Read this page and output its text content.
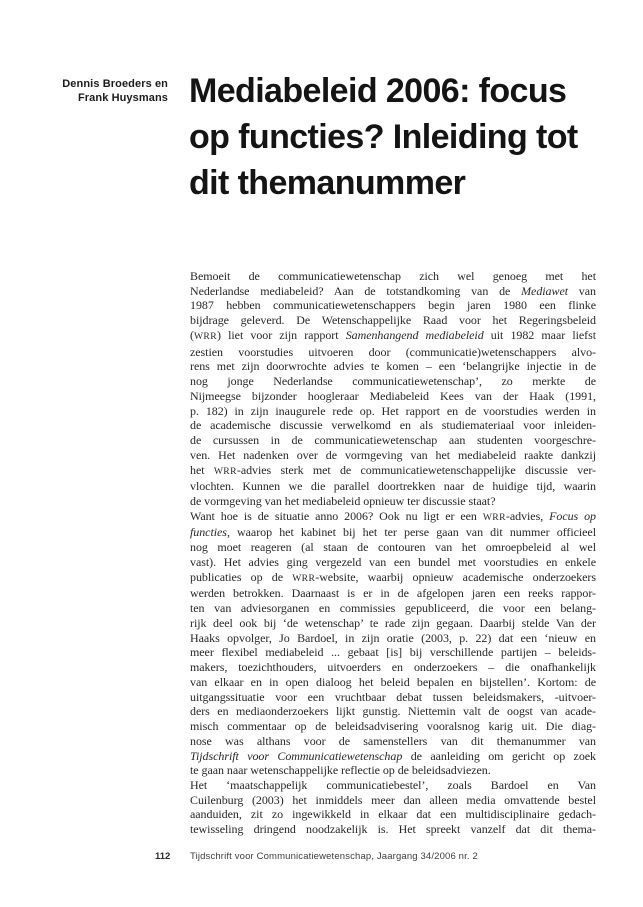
Dennis Broeders en
Frank Huysmans Mediabeleid 2006: focus
op functies? Inleiding tot
dit themanummer
Bemoeit de communicatiewetenschap zich wel genoeg met het
Nederlandse mediabeleid? Aan de totstandkoming van de Mediawet van
1987 hebben communicatiewetenschappers begin jaren 1980 een flinke
bijdrage geleverd. De Wetenschappelijke Raad voor het Regeringsbeleid
(WRR) liet voor zijn rapport Samenhangend mediabeleid uit 1982 maar liefst
zestien voorstudies uitvoeren door (communicatie)wetenschappers alvo-
rens met zijn doorwrochte advies te komen – een ‘belangrijke injectie in de
nog jonge Nederlandse communicatiewetenschap’, zo merkte de
Nijmeegse bijzonder hoogleraar Mediabeleid Kees van der Haak (1991,
p. 182) in zijn inaugurele rede op. Het rapport en de voorstudies werden in
de academische discussie verwelkomd en als studiemateriaal voor inleiden-
de cursussen in de communicatiewetenschap aan studenten voorgeschre-
ven. Het nadenken over de vormgeving van het mediabeleid raakte dankzij
het WRR-advies sterk met de communicatiewetenschappelijke discussie ver-
vlochten. Kunnen we die parallel doortrekken naar de huidige tijd, waarin
de vormgeving van het mediabeleid opnieuw ter discussie staat?
Want hoe is de situatie anno 2006? Ook nu ligt er een WRR-advies, Focus op
functies, waarop het kabinet bij het ter perse gaan van dit nummer officieel
nog moet reageren (al staan de contouren van het omroepbeleid al wel
vast). Het advies ging vergezeld van een bundel met voorstudies en enkele
publicaties op de WRR-website, waarbij opnieuw academische onderzoekers
werden betrokken. Daarnaast is er in de afgelopen jaren een reeks rappor-
ten van adviesorganen en commissies gepubliceerd, die voor een belang-
rijk deel ook bij ‘de wetenschap’ te rade zijn gegaan. Daarbij stelde Van der
Haaks opvolger, Jo Bardoel, in zijn oratie (2003, p. 22) dat een ‘nieuw en
meer flexibel mediabeleid ... gebaat [is] bij verschillende partijen – beleids-
makers, toezichthouders, uitvoerders en onderzoekers – die onafhankelijk
van elkaar en in open dialoog het beleid bepalen en bijstellen’. Kortom: de
uitgangssituatie voor een vruchtbaar debat tussen beleidsmakers, -uitvoer-
ders en mediaonderzoekers lijkt gunstig. Niettemin valt de oogst van acade-
misch commentaar op de beleidsadvisering vooralsnog karig uit. Die diag-
nose was althans voor de samenstellers van dit themanummer van
Tijdschrift voor Communicatiewetenschap de aanleiding om gericht op zoek
te gaan naar wetenschappelijke reflectie op de beleidsadviezen.
Het ‘maatschappelijk communicatiebestel’, zoals Bardoel en Van
Cuilenburg (2003) het inmiddels meer dan alleen media omvattende bestel
aanduiden, zit zo ingewikkeld in elkaar dat een multidisciplinaire gedach-
tewisseling dringend noodzakelijk is. Het spreekt vanzelf dat dit thema-
112 Tijdschrift voor Communicatiewetenschap, Jaargang 34/2006 nr. 2
